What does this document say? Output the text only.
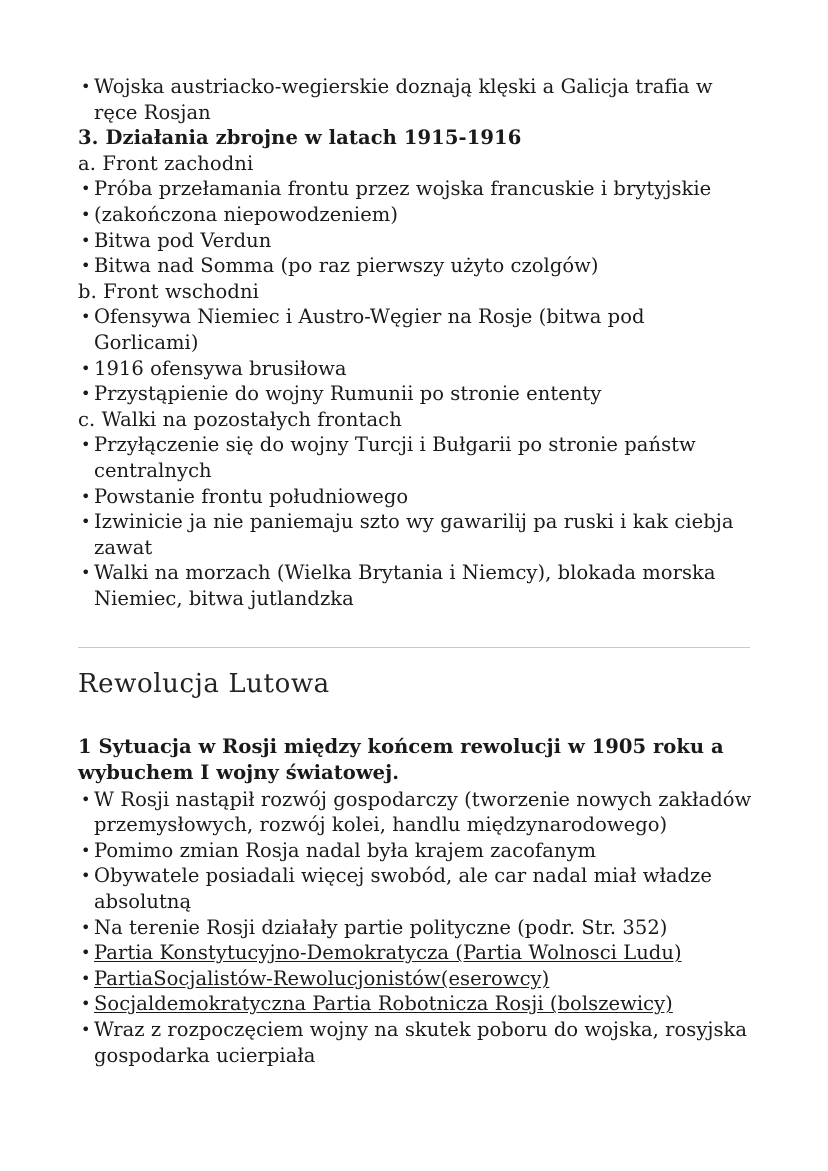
• Wojska austriacko-wegierskie doznają klęski a Galicja trafia w ręce Rosjan
3. Działania zbrojne w latach 1915-1916
a. Front zachodni
• Próba przełamania frontu przez wojska francuskie i brytyjskie
• (zakończona niepowodzeniem)
• Bitwa pod Verdun
• Bitwa nad Somma (po raz pierwszy użyto czolgów)
b. Front wschodni
• Ofensywa Niemiec i Austro-Węgier na Rosje (bitwa pod Gorlicami)
• 1916 ofensywa brusiłowa
• Przystąpienie do wojny Rumunii po stronie ententy
c. Walki na pozostałych frontach
• Przyłączenie się do wojny Turcji i Bułgarii po stronie państw centralnych
• Powstanie frontu południowego
• Izwinicie ja nie paniemaju szto wy gawarilij pa ruski i kak ciebja zawat
• Walki na morzach (Wielka Brytania i Niemcy), blokada morska Niemiec, bitwa jutlandzka
Rewolucja Lutowa
1 Sytuacja w Rosji między końcem rewolucji w 1905 roku a wybuchem I wojny światowej.
• W Rosji nastąpił rozwój gospodarczy (tworzenie nowych zakładów przemysłowych, rozwój kolei, handlu międzynarodowego)
• Pomimo zmian Rosja nadal była krajem zacofanym
• Obywatele posiadali więcej swobód, ale car nadal miał władze absolutną
• Na terenie Rosji działały partie polityczne (podr. Str. 352)
• Partia Konstytucyjno-Demokratycza (Partia Wolnosci Ludu)
• PartiaSocjalistów-Rewolucjonistów(eserowcy)
• Socjaldemokratyczna Partia Robotnicza Rosji (bolszewicy)
• Wraz z rozpoczęciem wojny na skutek poboru do wojska, rosyjska gospodarka ucierpiała
